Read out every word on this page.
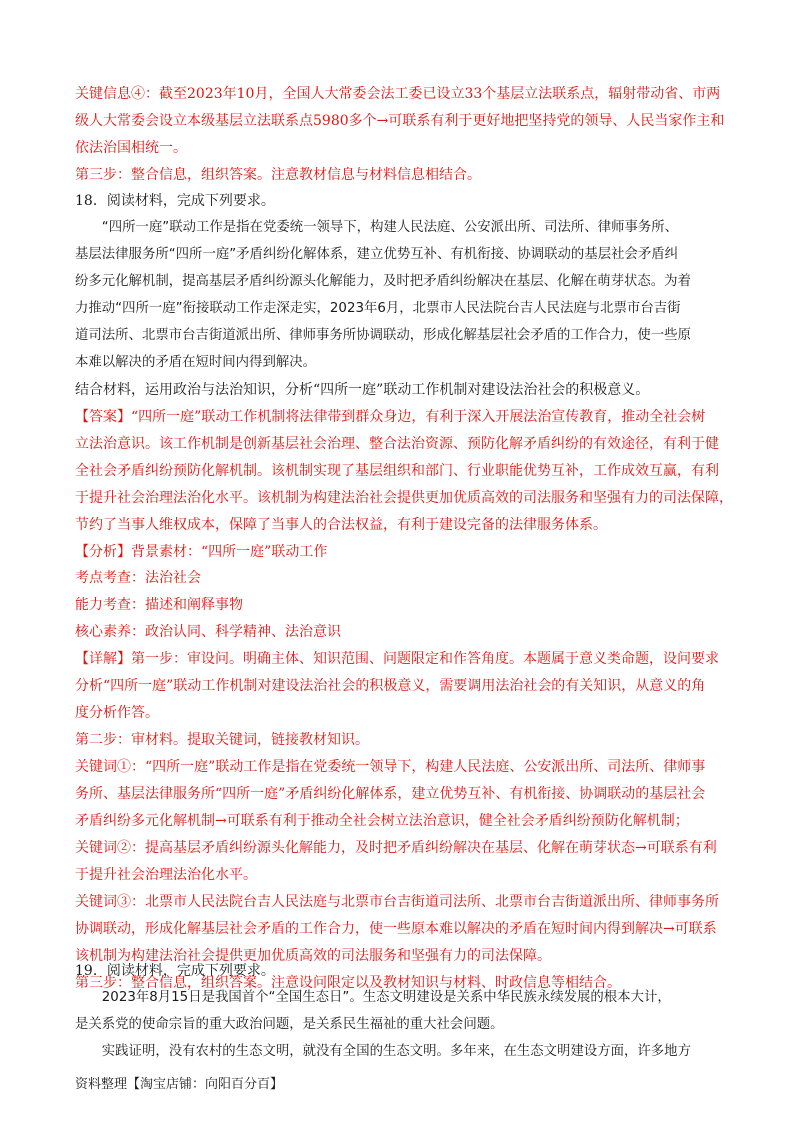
关键信息④：截至2023年10月，全国人大常委会法工委已设立33个基层立法联系点，辐射带动省、市两
级人大常委会设立本级基层立法联系点5980多个→可联系有利于更好地把坚持党的领导、人民当家作主和
依法治国相统一。
第三步：整合信息，组织答案。注意教材信息与材料信息相结合。
18．阅读材料，完成下列要求。
　　“四所一庭”联动工作是指在党委统一领导下，构建人民法庭、公安派出所、司法所、律师事务所、
基层法律服务所“四所一庭”矛盾纠纷化解体系，建立优势互补、有机衔接、协调联动的基层社会矛盾纠
纷多元化解机制，提高基层矛盾纠纷源头化解能力，及时把矛盾纠纷解决在基层、化解在萌芽状态。为着
力推动“四所一庭”衔接联动工作走深走实，2023年6月，北票市人民法院台吉人民法庭与北票市台吉街
道司法所、北票市台吉街道派出所、律师事务所协调联动，形成化解基层社会矛盾的工作合力，使一些原
本难以解决的矛盾在短时间内得到解决。
结合材料，运用政治与法治知识，分析“四所一庭”联动工作机制对建设法治社会的积极意义。
【答案】“四所一庭”联动工作机制将法律带到群众身边，有利于深入开展法治宣传教育，推动全社会树
立法治意识。该工作机制是创新基层社会治理、整合法治资源、预防化解矛盾纠纷的有效途径，有利于健
全社会矛盾纠纷预防化解机制。该机制实现了基层组织和部门、行业职能优势互补，工作成效互赢，有利
于提升社会治理法治化水平。该机制为构建法治社会提供更加优质高效的司法服务和坚强有力的司法保障，
节约了当事人维权成本，保障了当事人的合法权益，有利于建设完备的法律服务体系。
【分析】背景素材：“四所一庭”联动工作
考点考查：法治社会
能力考查：描述和阐释事物
核心素养：政治认同、科学精神、法治意识
【详解】第一步：审设问。明确主体、知识范围、问题限定和作答角度。本题属于意义类命题，设问要求
分析“四所一庭”联动工作机制对建设法治社会的积极意义，需要调用法治社会的有关知识，从意义的角
度分析作答。
第二步：审材料。提取关键词，链接教材知识。
关键词①：“四所一庭”联动工作是指在党委统一领导下，构建人民法庭、公安派出所、司法所、律师事
务所、基层法律服务所“四所一庭”矛盾纠纷化解体系，建立优势互补、有机衔接、协调联动的基层社会
矛盾纠纷多元化解机制→可联系有利于推动全社会树立法治意识，健全社会矛盾纠纷预防化解机制；
关键词②：提高基层矛盾纠纷源头化解能力，及时把矛盾纠纷解决在基层、化解在萌芽状态→可联系有利
于提升社会治理法治化水平。
关键词③：北票市人民法院台吉人民法庭与北票市台吉街道司法所、北票市台吉街道派出所、律师事务所
协调联动，形成化解基层社会矛盾的工作合力，使一些原本难以解决的矛盾在短时间内得到解决→可联系
该机制为构建法治社会提供更加优质高效的司法服务和坚强有力的司法保障。
第三步：整合信息，组织答案。注意设问限定以及教材知识与材料、时政信息等相结合。
19．阅读材料，完成下列要求。
　　2023年8月15日是我国首个“全国生态日”。生态文明建设是关系中华民族永续发展的根本大计，
是关系党的使命宗旨的重大政治问题，是关系民生福祉的重大社会问题。
　　实践证明，没有农村的生态文明，就没有全国的生态文明。多年来，在生态文明建设方面，许多地方
资料整理【淘宝店铺：向阳百分百】
